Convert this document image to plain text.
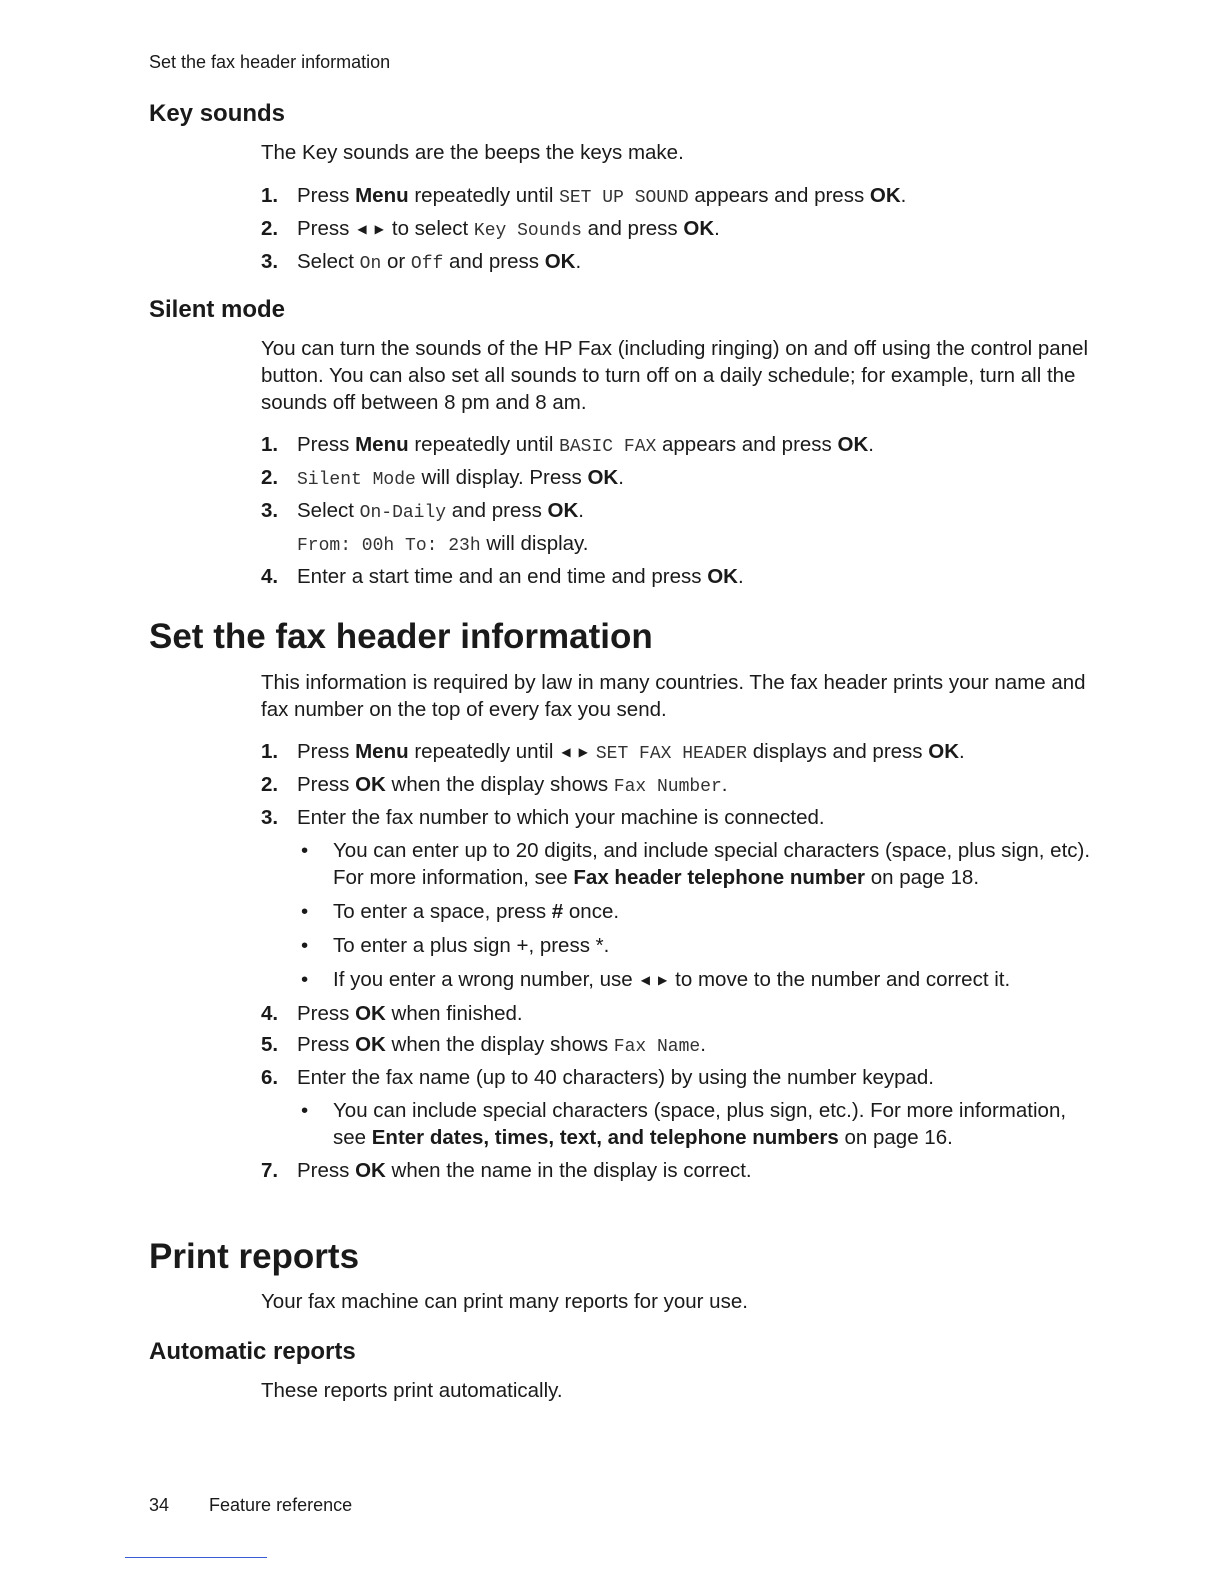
Set the fax header information
Key sounds
The Key sounds are the beeps the keys make.
1. Press Menu repeatedly until SET UP SOUND appears and press OK.
2. Press ◀ ▶ to select Key Sounds and press OK.
3. Select On or Off and press OK.
Silent mode
You can turn the sounds of the HP Fax (including ringing) on and off using the control panel button. You can also set all sounds to turn off on a daily schedule; for example, turn all the sounds off between 8 pm and 8 am.
1. Press Menu repeatedly until BASIC FAX appears and press OK.
2. Silent Mode will display. Press OK.
3. Select On-Daily and press OK.
From: 00h To: 23h will display.
4. Enter a start time and an end time and press OK.
Set the fax header information
This information is required by law in many countries. The fax header prints your name and fax number on the top of every fax you send.
1. Press Menu repeatedly until ◀ ▶ SET FAX HEADER displays and press OK.
2. Press OK when the display shows Fax Number.
3. Enter the fax number to which your machine is connected.
• You can enter up to 20 digits, and include special characters (space, plus sign, etc). For more information, see Fax header telephone number on page 18.
• To enter a space, press # once.
• To enter a plus sign +, press *.
• If you enter a wrong number, use ◀ ▶ to move to the number and correct it.
4. Press OK when finished.
5. Press OK when the display shows Fax Name.
6. Enter the fax name (up to 40 characters) by using the number keypad.
• You can include special characters (space, plus sign, etc.). For more information, see Enter dates, times, text, and telephone numbers on page 16.
7. Press OK when the name in the display is correct.
Print reports
Your fax machine can print many reports for your use.
Automatic reports
These reports print automatically.
34 Feature reference
